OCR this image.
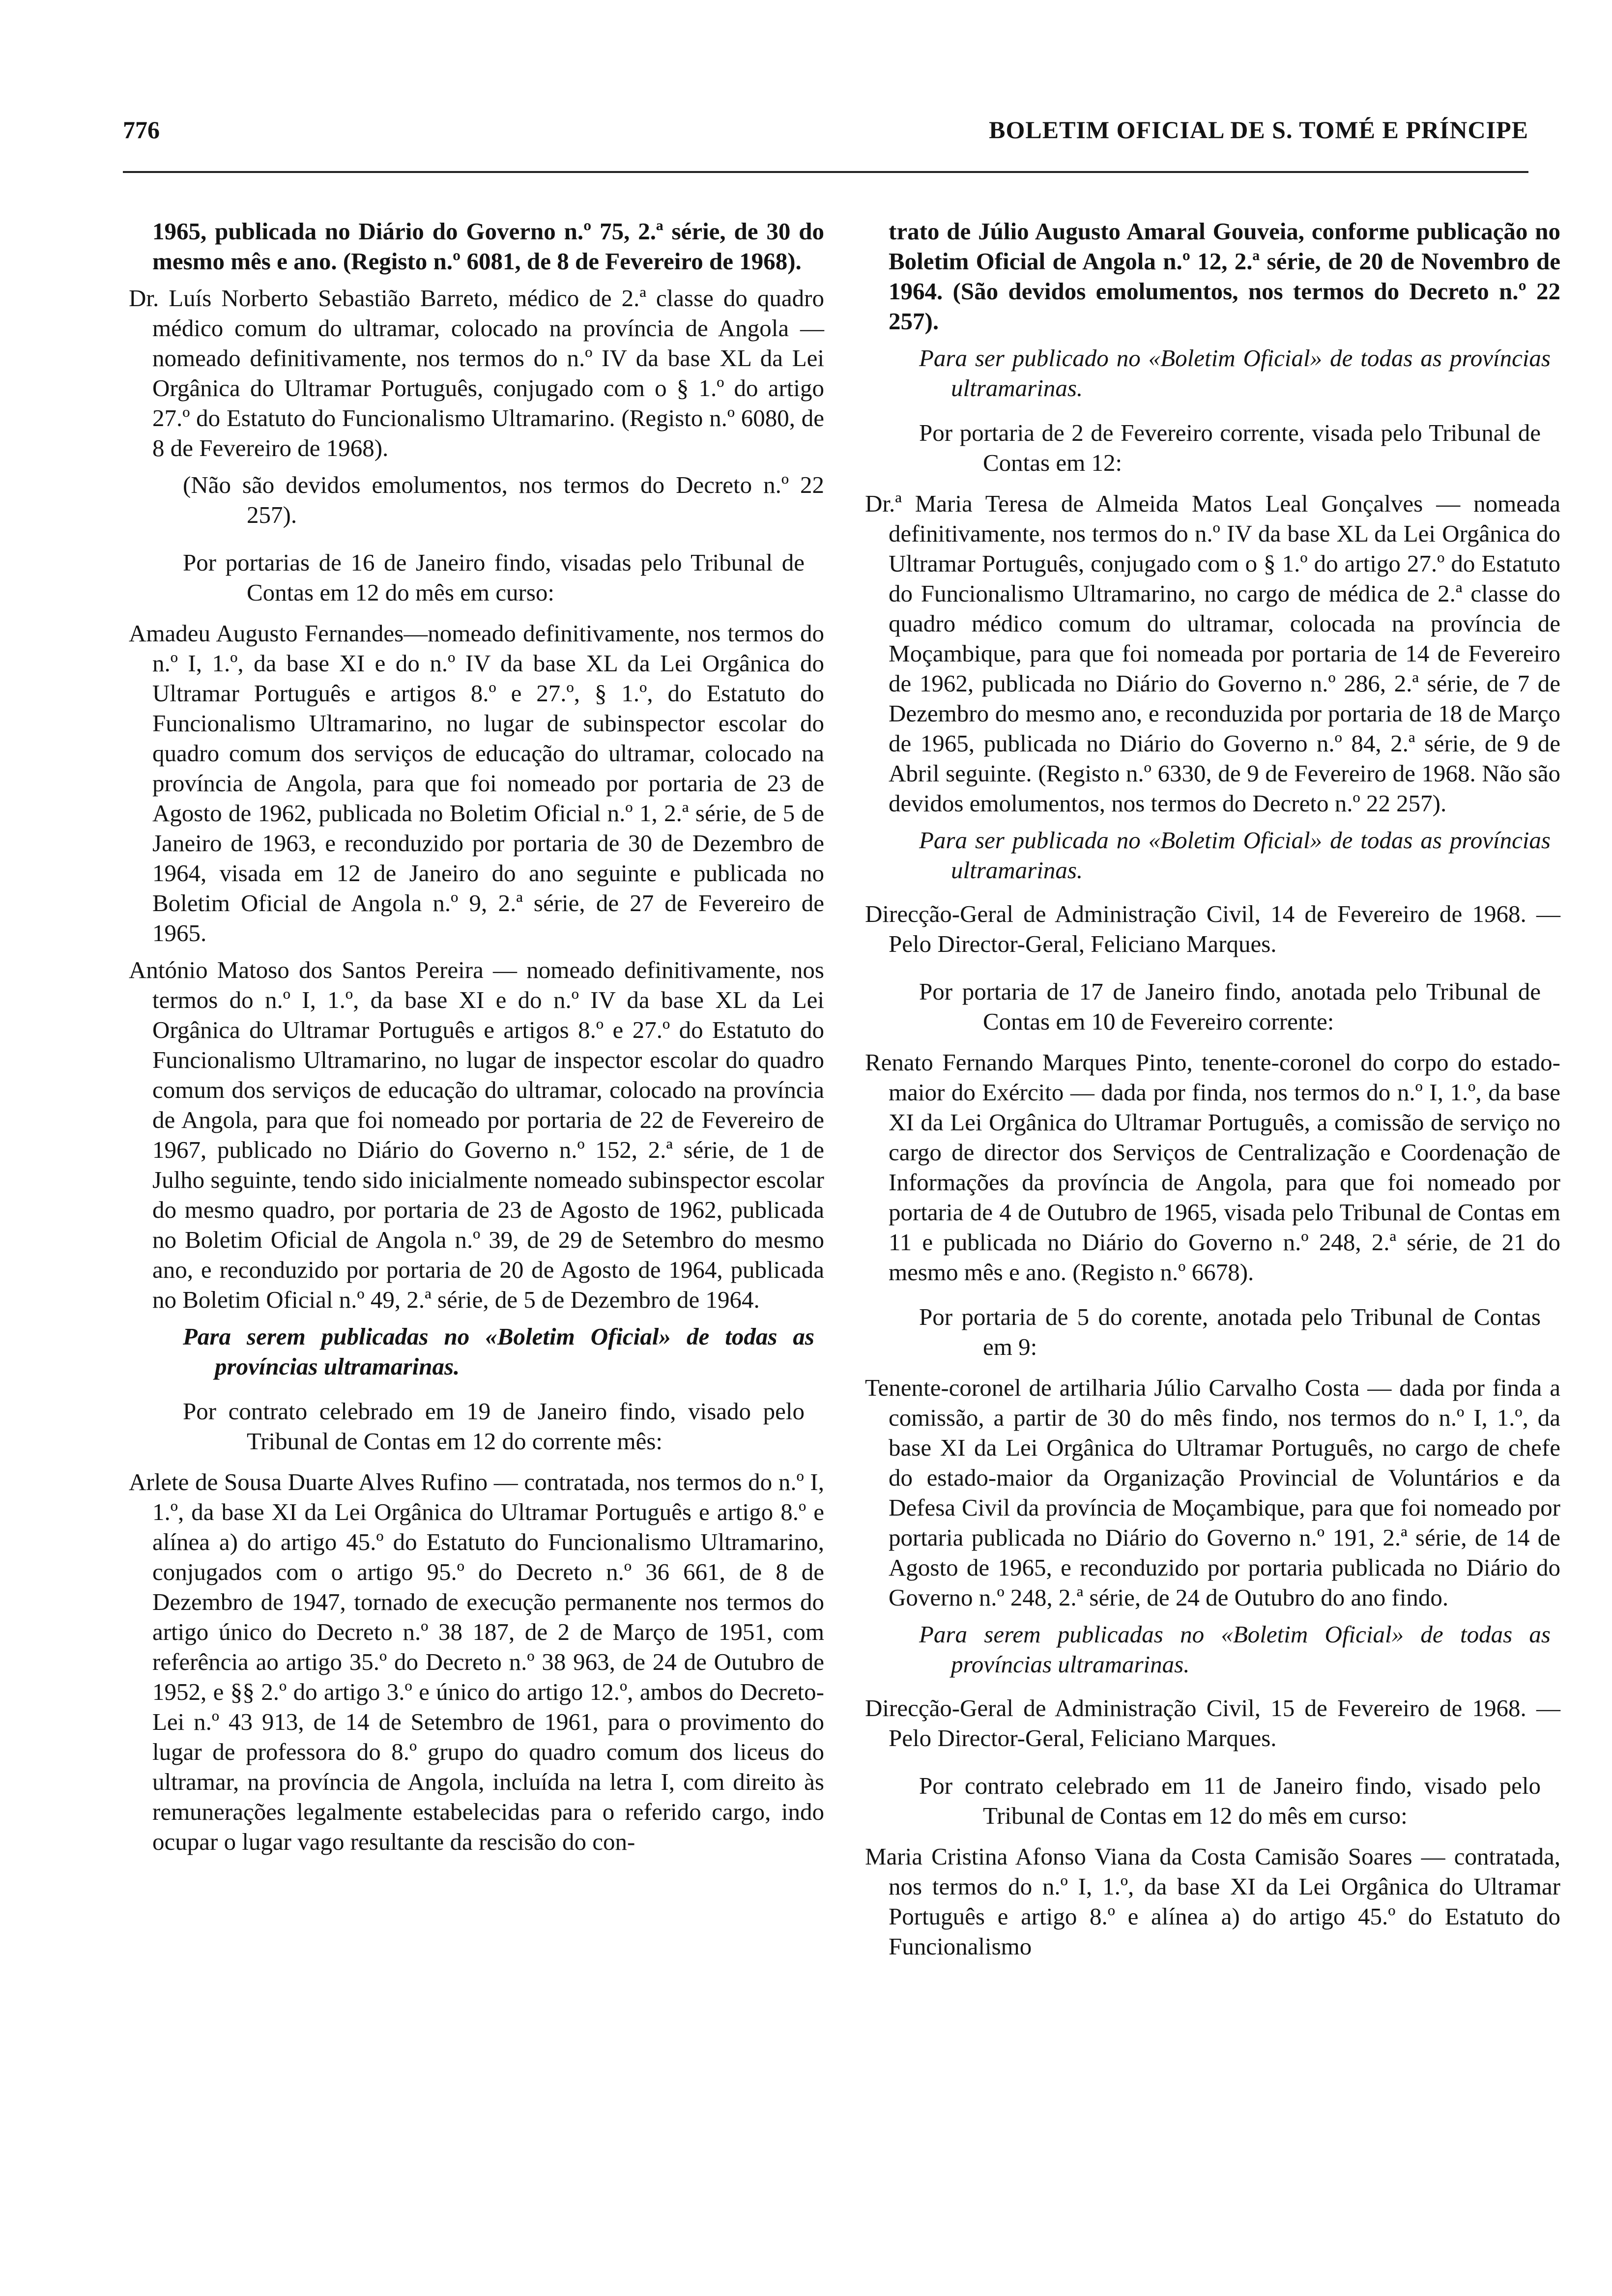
776	BOLETIM OFICIAL DE S. TOMÉ E PRÍNCIPE

1965, publicada no Diário do Governo n.º 75, 2.ª série, de 30 do mesmo mês e ano. (Registo n.º 6081, de 8 de Fevereiro de 1968).

Dr. Luís Norberto Sebastião Barreto, médico de 2.ª classe do quadro médico comum do ultramar, colocado na província de Angola — nomeado definitivamente, nos termos do n.º IV da base XL da Lei Orgânica do Ultramar Português, conjugado com o § 1.º do artigo 27.º do Estatuto do Funcionalismo Ultramarino. (Registo n.º 6080, de 8 de Fevereiro de 1968).

(Não são devidos emolumentos, nos termos do Decreto n.º 22 257).

Por portarias de 16 de Janeiro findo, visadas pelo Tribunal de Contas em 12 do mês em curso:

Amadeu Augusto Fernandes—nomeado definitivamente, nos termos do n.º I, 1.º, da base XI e do n.º IV da base XL da Lei Orgânica do Ultramar Português e artigos 8.º e 27.º, § 1.º, do Estatuto do Funcionalismo Ultramarino, no lugar de subinspector escolar do quadro comum dos serviços de educação do ultramar, colocado na província de Angola, para que foi nomeado por portaria de 23 de Agosto de 1962, publicada no Boletim Oficial n.º 1, 2.ª série, de 5 de Janeiro de 1963, e reconduzido por portaria de 30 de Dezembro de 1964, visada em 12 de Janeiro do ano seguinte e publicada no Boletim Oficial de Angola n.º 9, 2.ª série, de 27 de Fevereiro de 1965.

António Matoso dos Santos Pereira — nomeado definitivamente, nos termos do n.º I, 1.º, da base XI e do n.º IV da base XL da Lei Orgânica do Ultramar Português e artigos 8.º e 27.º do Estatuto do Funcionalismo Ultramarino, no lugar de inspector escolar do quadro comum dos serviços de educação do ultramar, colocado na província de Angola, para que foi nomeado por portaria de 22 de Fevereiro de 1967, publicado no Diário do Governo n.º 152, 2.ª série, de 1 de Julho seguinte, tendo sido inicialmente nomeado subinspector escolar do mesmo quadro, por portaria de 23 de Agosto de 1962, publicada no Boletim Oficial de Angola n.º 39, de 29 de Setembro do mesmo ano, e reconduzido por portaria de 20 de Agosto de 1964, publicada no Boletim Oficial n.º 49, 2.ª série, de 5 de Dezembro de 1964.

Para serem publicadas no «Boletim Oficial» de todas as províncias ultramarinas.

Por contrato celebrado em 19 de Janeiro findo, visado pelo Tribunal de Contas em 12 do corrente mês:

Arlete de Sousa Duarte Alves Rufino — contratada, nos termos do n.º I, 1.º, da base XI da Lei Orgânica do Ultramar Português e artigo 8.º e alínea a) do artigo 45.º do Estatuto do Funcionalismo Ultramarino, conjugados com o artigo 95.º do Decreto n.º 36 661, de 8 de Dezembro de 1947, tornado de execução permanente nos termos do artigo único do Decreto n.º 38 187, de 2 de Março de 1951, com referência ao artigo 35.º do Decreto n.º 38 963, de 24 de Outubro de 1952, e §§ 2.º do artigo 3.º e único do artigo 12.º, ambos do Decreto-Lei n.º 43 913, de 14 de Setembro de 1961, para o provimento do lugar de professora do 8.º grupo do quadro comum dos liceus do ultramar, na província de Angola, incluída na letra I, com direito às remunerações legalmente estabelecidas para o referido cargo, indo ocupar o lugar vago resultante da rescisão do con-

trato de Júlio Augusto Amaral Gouveia, conforme publicação no Boletim Oficial de Angola n.º 12, 2.ª série, de 20 de Novembro de 1964. (São devidos emolumentos, nos termos do Decreto n.º 22 257).

Para ser publicado no «Boletim Oficial» de todas as províncias ultramarinas.

Por portaria de 2 de Fevereiro corrente, visada pelo Tribunal de Contas em 12:

Dr.ª Maria Teresa de Almeida Matos Leal Gonçalves — nomeada definitivamente, nos termos do n.º IV da base XL da Lei Orgânica do Ultramar Português, conjugado com o § 1.º do artigo 27.º do Estatuto do Funcionalismo Ultramarino, no cargo de médica de 2.ª classe do quadro médico comum do ultramar, colocada na província de Moçambique, para que foi nomeada por portaria de 14 de Fevereiro de 1962, publicada no Diário do Governo n.º 286, 2.ª série, de 7 de Dezembro do mesmo ano, e reconduzida por portaria de 18 de Março de 1965, publicada no Diário do Governo n.º 84, 2.ª série, de 9 de Abril seguinte. (Registo n.º 6330, de 9 de Fevereiro de 1968. Não são devidos emolumentos, nos termos do Decreto n.º 22 257).

Para ser publicada no «Boletim Oficial» de todas as províncias ultramarinas.

Direcção-Geral de Administração Civil, 14 de Fevereiro de 1968. — Pelo Director-Geral, Feliciano Marques.

Por portaria de 17 de Janeiro findo, anotada pelo Tribunal de Contas em 10 de Fevereiro corrente:

Renato Fernando Marques Pinto, tenente-coronel do corpo do estado-maior do Exército — dada por finda, nos termos do n.º I, 1.º, da base XI da Lei Orgânica do Ultramar Português, a comissão de serviço no cargo de director dos Serviços de Centralização e Coordenação de Informações da província de Angola, para que foi nomeado por portaria de 4 de Outubro de 1965, visada pelo Tribunal de Contas em 11 e publicada no Diário do Governo n.º 248, 2.ª série, de 21 do mesmo mês e ano. (Registo n.º 6678).

Por portaria de 5 do corente, anotada pelo Tribunal de Contas em 9:

Tenente-coronel de artilharia Júlio Carvalho Costa — dada por finda a comissão, a partir de 30 do mês findo, nos termos do n.º I, 1.º, da base XI da Lei Orgânica do Ultramar Português, no cargo de chefe do estado-maior da Organização Provincial de Voluntários e da Defesa Civil da província de Moçambique, para que foi nomeado por portaria publicada no Diário do Governo n.º 191, 2.ª série, de 14 de Agosto de 1965, e reconduzido por portaria publicada no Diário do Governo n.º 248, 2.ª série, de 24 de Outubro do ano findo.

Para serem publicadas no «Boletim Oficial» de todas as províncias ultramarinas.

Direcção-Geral de Administração Civil, 15 de Fevereiro de 1968. — Pelo Director-Geral, Feliciano Marques.

Por contrato celebrado em 11 de Janeiro findo, visado pelo Tribunal de Contas em 12 do mês em curso:

Maria Cristina Afonso Viana da Costa Camisão Soares — contratada, nos termos do n.º I, 1.º, da base XI da Lei Orgânica do Ultramar Português e artigo 8.º e alínea a) do artigo 45.º do Estatuto do Funcionalismo
